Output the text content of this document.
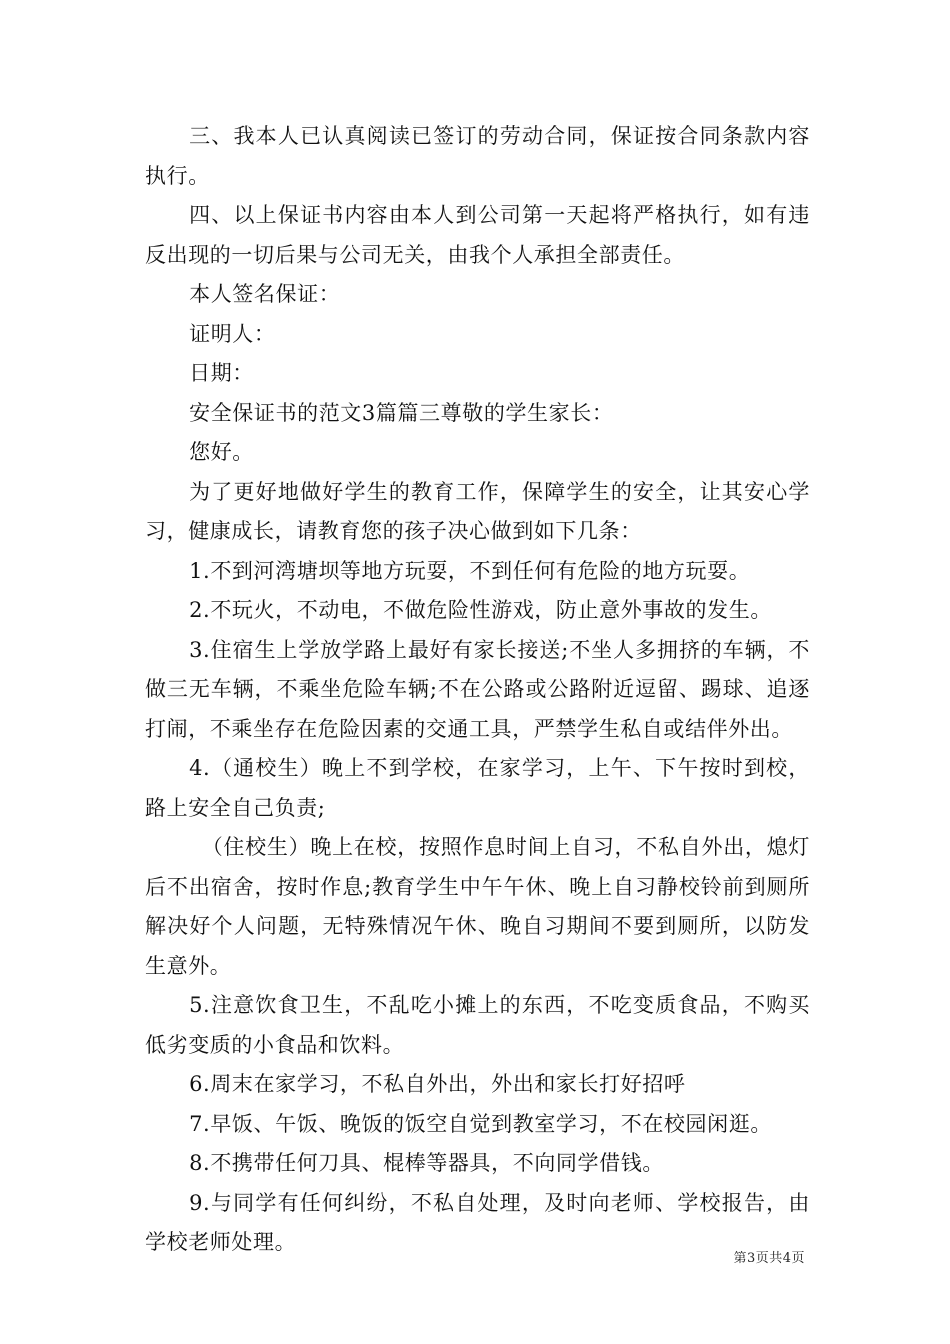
三、我本人已认真阅读已签订的劳动合同，保证按合同条款内容执行。

四、以上保证书内容由本人到公司第一天起将严格执行，如有违反出现的一切后果与公司无关，由我个人承担全部责任。

本人签名保证：

证明人：

日期：

安全保证书的范文3篇篇三尊敬的学生家长：

您好。

为了更好地做好学生的教育工作，保障学生的安全，让其安心学习，健康成长，请教育您的孩子决心做到如下几条：

1.不到河湾塘坝等地方玩耍，不到任何有危险的地方玩耍。

2.不玩火，不动电，不做危险性游戏，防止意外事故的发生。

3.住宿生上学放学路上最好有家长接送;不坐人多拥挤的车辆，不做三无车辆，不乘坐危险车辆;不在公路或公路附近逗留、踢球、追逐打闹，不乘坐存在危险因素的交通工具，严禁学生私自或结伴外出。

4.（通校生）晚上不到学校，在家学习，上午、下午按时到校，路上安全自己负责;

（住校生）晚上在校，按照作息时间上自习，不私自外出，熄灯后不出宿舍，按时作息;教育学生中午午休、晚上自习静校铃前到厕所解决好个人问题，无特殊情况午休、晚自习期间不要到厕所，以防发生意外。

5.注意饮食卫生，不乱吃小摊上的东西，不吃变质食品，不购买低劣变质的小食品和饮料。

6.周末在家学习，不私自外出，外出和家长打好招呼

7.早饭、午饭、晚饭的饭空自觉到教室学习，不在校园闲逛。

8.不携带任何刀具、棍棒等器具，不向同学借钱。

9.与同学有任何纠纷，不私自处理，及时向老师、学校报告，由学校老师处理。

第3页共4页
